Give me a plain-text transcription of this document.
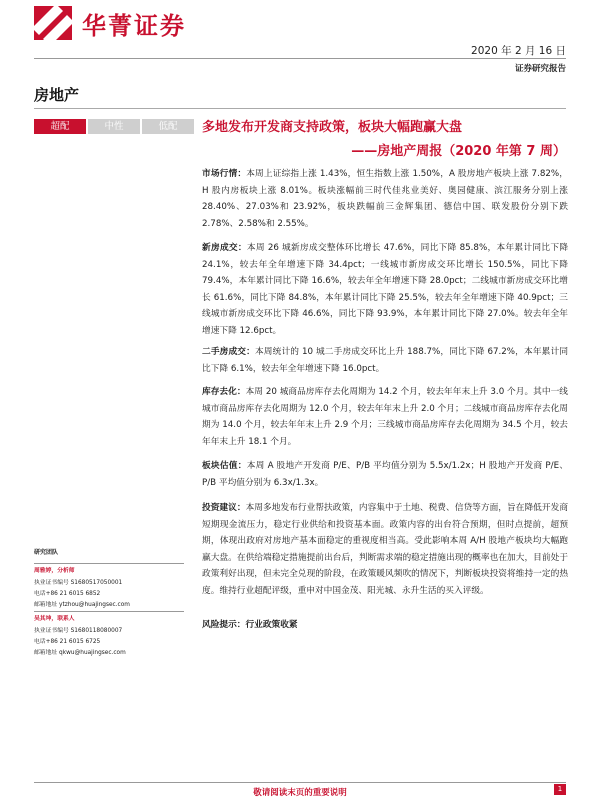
华菁证券
2020 年 2 月 16 日
证券研究报告
房地产
超配	中性	低配	多地发布开发商支持政策，板块大幅跑赢大盘
——房地产周报（2020 年第 7 周）
市场行情：本周上证综指上涨 1.43%，恒生指数上涨 1.50%，A 股房地产板块上涨 7.82%，H 股内房板块上涨 8.01%。板块涨幅前三时代佳兆业美好、奥园健康、滨江服务分别上涨 28.40%、27.03%和 23.92%，板块跌幅前三金辉集团、德信中国、联发股份分别下跌 2.78%、2.58%和 2.55%。
新房成交：本周 26 城新房成交整体环比增长 47.6%，同比下降 85.8%，本年累计同比下降 24.1%，较去年全年增速下降 34.4pct；一线城市新房成交环比增长 150.5%，同比下降 79.4%，本年累计同比下降 16.6%，较去年全年增速下降 28.0pct；二线城市新房成交环比增长 61.6%，同比下降 84.8%，本年累计同比下降 25.5%，较去年全年增速下降 40.9pct；三线城市新房成交环比下降 46.6%，同比下降 93.9%，本年累计同比下降 27.0%。较去年全年增速下降 12.6pct。
二手房成交：本周统计的 10 城二手房成交环比上升 188.7%，同比下降 67.2%，本年累计同比下降 6.1%，较去年全年增速下降 16.0pct。
库存去化：本周 20 城商品房库存去化周期为 14.2 个月，较去年年末上升 3.0 个月。其中一线城市商品房库存去化周期为 12.0 个月，较去年年末上升 2.0 个月；二线城市商品房库存去化周期为 14.0 个月，较去年年末上升 2.9 个月；三线城市商品房库存去化周期为 34.5 个月，较去年年末上升 18.1 个月。
板块估值：本周 A 股地产开发商 P/E、P/B 平均值分别为 5.5x/1.2x；H 股地产开发商 P/E、P/B 平均值分别为 6.3x/1.3x。
投资建议：本周多地发布行业帮扶政策，内容集中于土地、税费、信贷等方面，旨在降低开发商短期现金流压力，稳定行业供给和投资基本面。政策内容的出台符合预期，但时点提前，超预期，体现出政府对房地产基本面稳定的重视度相当高。受此影响本周 A/H 股地产板块均大幅跑赢大盘。在供给端稳定措施提前出台后，判断需求端的稳定措施出现的概率也在加大，目前处于政策利好出现，但未完全兑现的阶段，在政策暖风频吹的情况下，判断板块投资将维持一定的热度。维持行业超配评级，重申对中国金茂、阳光城、永升生活的买入评级。
风险提示：行业政策收紧
研究团队
周雅婷，分析师
执业证书编号 S1680517050001
电话+86 21 6015 6852
邮箱地址 ytzhou@huajingsec.com
吴其坤，联系人
执业证书编号 S1680118080007
电话+86 21 6015 6725
邮箱地址 qkwu@huajingsec.com
敬请阅读末页的重要说明	1
